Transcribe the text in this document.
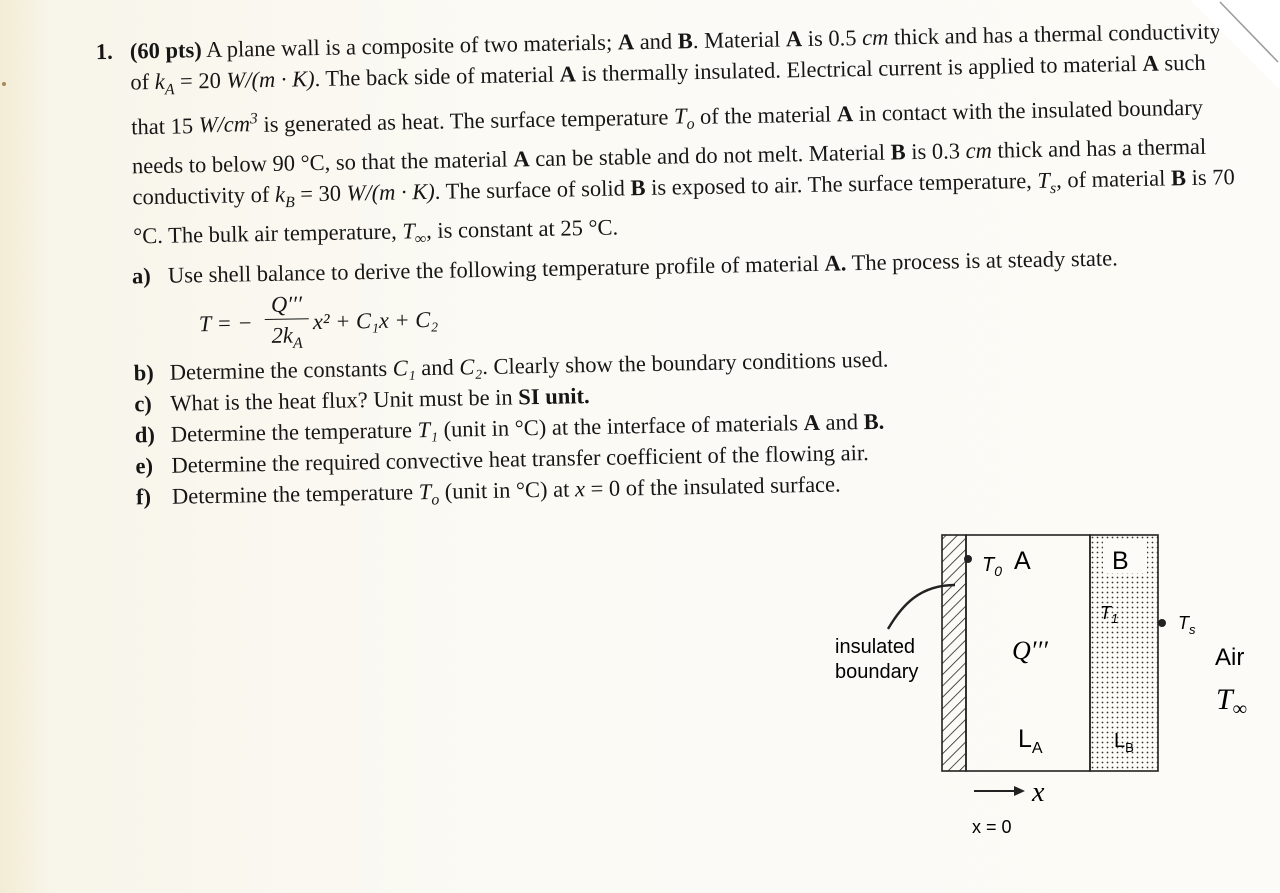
1. (60 pts) A plane wall is a composite of two materials; A and B. Material A is 0.5 cm thick and has a thermal conductivity of $k_A = 20$ W/(m · K). The back side of material A is thermally insulated. Electrical current is applied to material A such that 15 $W/cm^3$ is generated as heat. The surface temperature $T_o$ of the material A in contact with the insulated boundary needs to below 90 °C, so that the material A can be stable and do not melt. Material B is 0.3 cm thick and has a thermal conductivity of $k_B = 30$ W/(m · K). The surface of solid B is exposed to air. The surface temperature, $T_s$, of material B is 70 °C. The bulk air temperature, $T_\infty$, is constant at 25 °C.
a) Use shell balance to derive the following temperature profile of material A. The process is at steady state.
T = −
Q′′′
$2k_A$
x² + C₁x + C₂
b) Determine the constants C₁ and C₂. Clearly show the boundary conditions used.
c) What is the heat flux? Unit must be in SI unit.
d) Determine the temperature T₁ (unit in °C) at the interface of materials A and B.
e) Determine the required convective heat transfer coefficient of the flowing air.
f) Determine the temperature $T_o$ (unit in °C) at x = 0 of the insulated surface.
insulated
boundary
$T_0$ A	B
$T_1$	$T_s$
Q′′′
$L_A$	$L_B$
x
x = 0
Air
$T_\infty$
